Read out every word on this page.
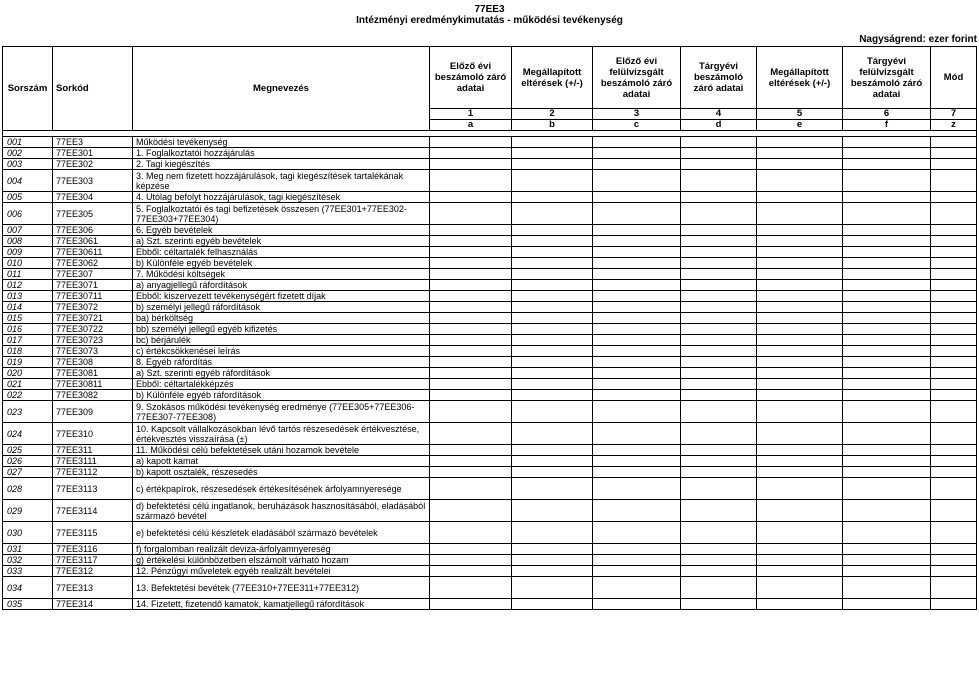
77EE3
Intézményi eredménykimutatás - működési tevékenység
Nagyságrend: ezer forint
Sorszám	Sorkód	Megnevezés	Előző évi beszámoló záró adatai	Megállapított eltérések (+/-)	Előző évi felülvizsgált beszámoló záró adatai	Tárgyévi beszámoló záró adatai	Megállapított eltérések (+/-)	Tárgyévi felülvizsgált beszámoló záró adatai	Mód
			1	2	3	4	5	6	7
			a	b	c	d	e	f	z

001	77EE3	Működési tevékenység							
002	77EE301	1. Foglalkoztatói hozzájárulás							
003	77EE302	2. Tagi kiegészítés							
004	77EE303	3. Meg nem fizetett hozzájárulások, tagi kiegészítések tartalékának képzése							
005	77EE304	4. Utólag befolyt hozzájárulások, tagi kiegészítések							
006	77EE305	5. Foglalkoztatói és tagi befizetések összesen (77EE301+77EE302-77EE303+77EE304)							
007	77EE306	6. Egyéb bevételek							
008	77EE3061	a) Szt. szerinti egyéb bevételek							
009	77EE30611	Ebből: céltartalék felhasználás							
010	77EE3062	b) Különféle egyéb bevételek							
011	77EE307	7. Működési költségek							
012	77EE3071	a) anyagjellegű ráfordítások							
013	77EE30711	Ebből: kiszervezett tevékenységért fizetett díjak							
014	77EE3072	b) személyi jellegű ráfordítások							
015	77EE30721	ba) bérköltség							
016	77EE30722	bb) személyi jellegű egyéb kifizetés							
017	77EE30723	bc) bérjárulék							
018	77EE3073	c) értékcsökkenései leírás							
019	77EE308	8. Egyéb ráfordítás							
020	77EE3081	a) Szt. szerinti egyéb ráfordítások							
021	77EE30811	Ebből: céltartalékképzés							
022	77EE3082	b) Különféle egyéb ráfordítások							
023	77EE309	9. Szokásos működési tevékenység eredménye (77EE305+77EE306-77EE307-77EE308)							
024	77EE310	10. Kapcsolt vállalkozásokban lévő tartós részesedések értékvesztése, értékvesztés visszaírása (±)							
025	77EE311	11. Működési célú befektetések utáni hozamok bevétele							
026	77EE3111	a) kapott kamat							
027	77EE3112	b) kapott osztalék, részesedés							
028	77EE3113	c) értékpapírok, részesedések értékesítésének árfolyamnyeresége							
029	77EE3114	d) befektetési célú ingatlanok, beruházások hasznosításából, eladásából származó bevétel							
030	77EE3115	e) befektetési célú készletek eladásából származó bevételek							
031	77EE3116	f) forgalomban realizált deviza-árfolyamnyereség							
032	77EE3117	g) értékelési különbözetben elszámolt várható hozam							
033	77EE312	12. Pénzügyi műveletek egyéb realizált bevételei							
034	77EE313	13. Befektetési bevétek (77EE310+77EE311+77EE312)							
035	77EE314	14. Fizetett, fizetendő kamatok, kamatjellegű ráfordítások							
